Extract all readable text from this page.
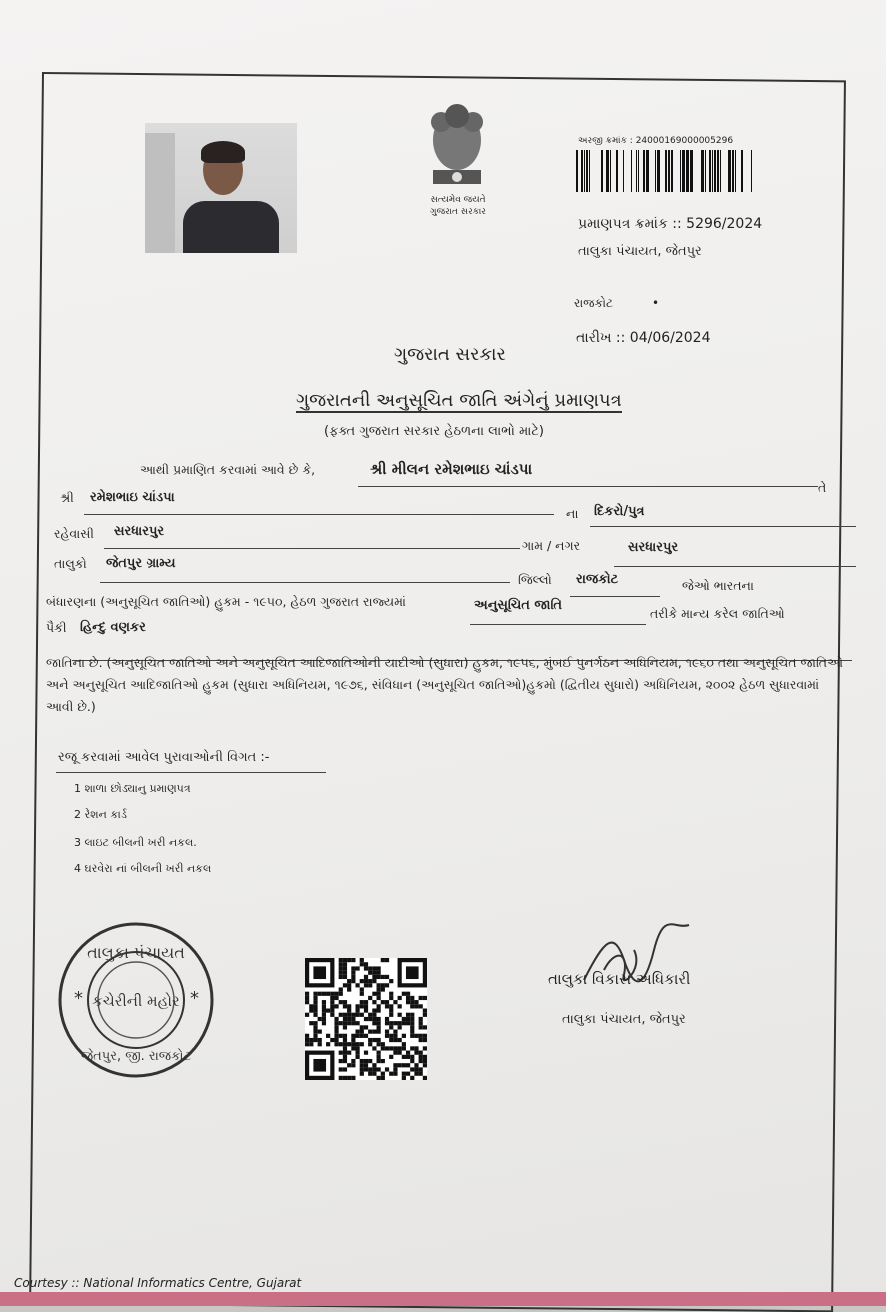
સત્યમેવ જયતે
ગુજરાત સરકાર
અરજી ક્રમાંક : 24000169000005296
પ્રમાણપત્ર ક્રમાંક :: 5296/2024
તાલુકા પંચાયત, જેતપુર
રાજકોટ	•
તારીખ :: 04/06/2024
ગુજરાત સરકાર
ગુજરાતની અનુસૂચિત જાતિ અંગેનું પ્રમાણપત્ર
(ફક્ત ગુજરાત સરકાર હેઠળના લાભો માટે)
આથી પ્રમાણિત કરવામાં આવે છે કે,	શ્રી મીલન રમેશભાઇ ચાંડપા
તે
શ્રી રમેશભાઇ ચાંડપા
ના દિકરો/પુત્ર
રહેવાસી સરધારપુર
ગામ / નગર	સરધારપુર
તાલુકો જેતપુર ગ્રામ્ય
જિલ્લો રાજકોટ	જેઓ ભારતના
બંધારણના (અનુસૂચિત જાતિઓ) હુકમ - ૧૯૫૦, હેઠળ ગુજરાત રાજ્યમાં	અનુસૂચિત જાતિ
તરીકે માન્ય કરેલ જાતિઓ
પૈકી હિન્દુ વણકર
જાતિના છે. (અનુસૂચિત જાતિઓ અને અનુસૂચિત આદિજાતિઓની યાદીઓ (સુધારા) હુકમ, ૧૯૫૬, મુંબઈ પુનર્ગઠન અધિનિયમ, ૧૯૬૦ તથા અનુસૂચિત જાતિઓ અને અનુસૂચિત આદિજાતિઓ હુકમ (સુધારા અધિનિયમ, ૧૯૭૬, સંવિધાન (અનુસૂચિત જાતિઓ)હુકમો (દ્વિતીય સુધારો) અધિનિયમ, ૨૦૦૨ હેઠળ સુધારવામાં આવી છે.)
રજૂ કરવામાં આવેલ પુરાવાઓની વિગત :-
1 શાળા છોડ્યાનુ પ્રમાણપત્ર
2 રેશન કાર્ડ
3 લાઇટ બીલની ખરી નકલ.
4 ઘરવેરા નાં બીલની ખરી નકલ
તાલુકા પંચાયત
કચેરીની મહોર
જેતપુર, જી. રાજકોટ
*	*
તાલુકા વિકાસ અધિકારી
તાલુકા પંચાયત, જેતપુર
Courtesy :: National Informatics Centre, Gujarat
